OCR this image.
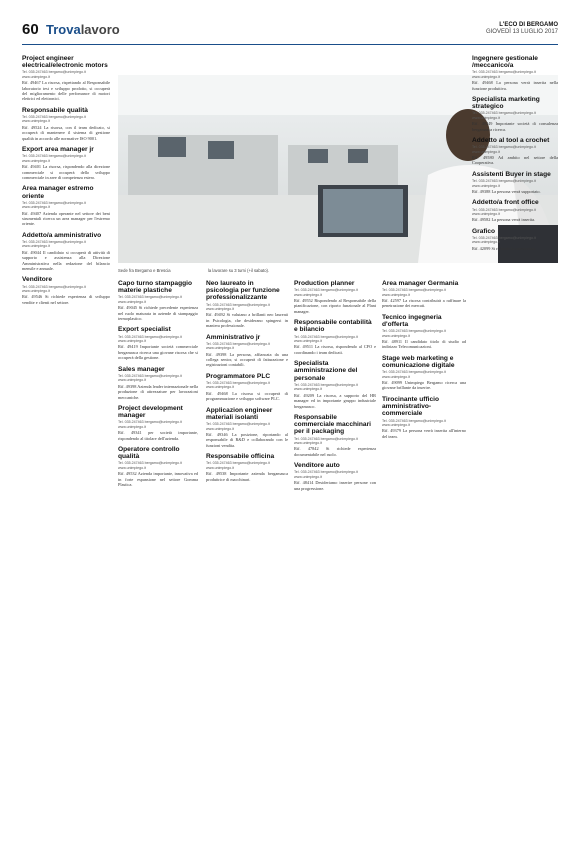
60 Trovalavoro	L'ECO DI BERGAMO
GIOVEDÌ 13 LUGLIO 2017
Sede fra Bergamo e Brescia	la lavorare su 3 turni (+il sabato).
Project engineer electrical/electronic motors
Tel. 035.247463 bergamo@unimpiego.it www.unimpiego.it

Rif. 49467 La risorsa, rispettando al Responsabile laboratorio test e sviluppo prodotto, si occuperà del miglioramento delle perfomance di motori elettrici ed elettronici.

Responsabile qualità
Tel. 035.247463 bergamo@unimpiego.it www.unimpiego.it

Rif. 49524 La risorsa, con il team dedicato, si occuperà di mantenere il sistema di gestione qualità in accordo alle normative ISO 9001.

Export area manager jr
Tel. 035.247463 bergamo@unimpiego.it www.unimpiego.it

Rif. 49401 La risorsa, rispondendo alla direzione commerciale si occuperà dello sviluppo commerciale in aree di competenza estero.

Area manager estremo oriente
Tel. 035.247463 bergamo@unimpiego.it www.unimpiego.it

Rif. 49407 Azienda operante nel settore dei beni strumentali ricerca un area manager per l'estremo oriente.

Addetto/a amministrativo
Tel. 035.247463 bergamo@unimpiego.it www.unimpiego.it

Rif. 49044 Il candidato si occuperà di attività di supporto e assistenza alla Direzione Amministrativa nella redazione del bilancio mensile e annuale.

Venditore
Tel. 035.247463 bergamo@unimpiego.it www.unimpiego.it

Rif. 49546 Si richiede esperienza di sviluppo vendite e clienti nel settore.

Capo turno stampaggio materie plastiche
Tel. 035.247463 bergamo@unimpiego.it www.unimpiego.it

Rif. 49045 Si richiede precedente esperienza nel ruolo maturata in aziende di stampaggio termoplastico.

Export specialist
Tel. 035.247463 bergamo@unimpiego.it www.unimpiego.it

Rif. 49419 Importante società commerciale bergamasca ricerca una giovane risorsa che si occuperà della gestione.

Sales manager
Tel. 035.247463 bergamo@unimpiego.it www.unimpiego.it

Rif. 49398 Azienda leader internazionale nella produzione di attrezzature per lavorazioni meccaniche.

Project development manager
Tel. 035.247463 bergamo@unimpiego.it www.unimpiego.it

Rif. 49341 per società importante, rispondendo al titolare dell'azienda.

Operatore controllo qualità
Tel. 035.247463 bergamo@unimpiego.it www.unimpiego.it

Rif. 49532 Azienda importante, innovativa ed in forte espansione nel settore Gomma Plastica.

Neo laureato in psicologia per funzione professionalizzante
Tel. 035.247463 bergamo@unimpiego.it www.unimpiego.it

Rif. 49492 Si valutano a brillanti neo laureati in Psicologia, che desiderano spingersi in maniera professionale.

Amministrativo jr
Tel. 035.247463 bergamo@unimpiego.it www.unimpiego.it

Rif. 49398 La persona, affiancata da una collega senior, si occuperà di fatturazione e registrazioni contabili.

Programmatore PLC
Tel. 035.247463 bergamo@unimpiego.it www.unimpiego.it

Rif. 49468 La risorsa si occuperà di programmazione e sviluppo software PLC.

Applicazion engineer materiali isolanti
Tel. 035.247463 bergamo@unimpiego.it www.unimpiego.it

Rif. 49346 La posizione, riportando al responsabile di R&D e collaborando con le funzioni vendita.

Responsabile officina
Tel. 035.247463 bergamo@unimpiego.it www.unimpiego.it

Rif. 49538 Importante azienda bergamasca produttrice di macchinari.

Production planner
Tel. 035.247463 bergamo@unimpiego.it www.unimpiego.it

Rif. 49552 Rispondendo al Responsabile della pianificazione, con riporto funzionale al Plant manager.

Responsabile contabilità e bilancio
Tel. 035.247463 bergamo@unimpiego.it www.unimpiego.it

Rif. 49511 La risorsa, rispondendo al CFO e coordinando i team dedicati.

Specialista amministrazione del personale
Tel. 035.247463 bergamo@unimpiego.it www.unimpiego.it

Rif. 49209 La risorsa, a supporto del HR manager ed in importante gruppo industriale bergamasco.

Responsabile commerciale macchinari per il packaging
Tel. 035.247463 bergamo@unimpiego.it www.unimpiego.it

Rif. 47842 Si richiede esperienza documentabile nel ruolo.

Venditore auto
Tel. 035.247463 bergamo@unimpiego.it www.unimpiego.it

Rif. 48414 Desideriamo inserire persone con una progressione.

Area manager Germania
Tel. 035.247463 bergamo@unimpiego.it www.unimpiego.it

Rif. 42597 La risorsa contribuirà a raffinare la penetrazione dei mercati.

Tecnico ingegneria d'offerta
Tel. 035.247463 bergamo@unimpiego.it www.unimpiego.it

Rif. 48911 Il candidato titolo di studio ad indirizzo Telecomunicazioni.

Stage web marketing e comunicazione digitale
Tel. 035.247463 bergamo@unimpiego.it www.unimpiego.it

Rif. 49099 Unimpiego Bergamo ricerca una giovane brillante da inserire.

Tirocinante ufficio amministrativo-commerciale
Tel. 035.247463 bergamo@unimpiego.it www.unimpiego.it

Rif. 49379 La persona verrà inserita all'interno del team.

Ingegnere gestionale /meccanico/a
Tel. 035.247463 bergamo@unimpiego.it www.unimpiego.it

Rif. 49468 La persona verrà inserita nella funzione produttiva.

Specialista marketing strategico
Tel. 035.247463 bergamo@unimpiego.it www.unimpiego.it

Rif. 49449 Importante società di consulenza bergamasca ricerca.

Addetto al tool a crochet
Tel. 035.247463 bergamo@unimpiego.it www.unimpiego.it

Rif. 49580 Ad ambito nel settore della Cooperativa.

Assistenti Buyer in stage
Tel. 035.247463 bergamo@unimpiego.it www.unimpiego.it

Rif. 49388 La persona verrà supportato.

Addetto/a front office
Tel. 035.247463 bergamo@unimpiego.it www.unimpiego.it

Rif. 49582 La persona verrà inserita.

Grafico
Tel. 035.247463 bergamo@unimpiego.it www.unimpiego.it

Rif. 42099 Si richiede la conoscenza.
